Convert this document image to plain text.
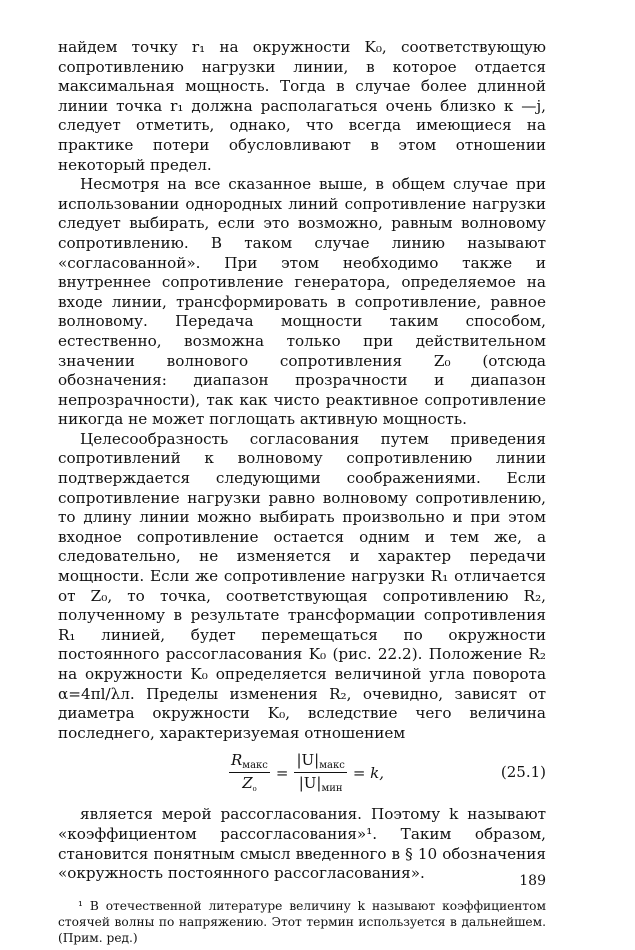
найдем точку r₁ на окружности K₀, соответствующую сопротивлению нагрузки линии, в которое отдается максимальная мощность. Тогда в случае более длинной линии точка r₁ должна располагаться очень близко к —j, следует отметить, однако, что всегда имеющиеся на практике потери обусловливают в этом отношении некоторый предел.

Несмотря на все сказанное выше, в общем случае при использовании однородных линий сопротивление нагрузки следует выбирать, если это возможно, равным волновому сопротивлению. В таком случае линию называют «согласованной». При этом необходимо также и внутреннее сопротивление генератора, определяемое на входе линии, трансформировать в сопротивление, равное волновому. Передача мощности таким способом, естественно, возможна только при действительном значении волнового сопротивления Z₀ (отсюда обозначения: диапазон прозрачности и диапазон непрозрачности), так как чисто реактивное сопротивление никогда не может поглощать активную мощность.

Целесообразность согласования путем приведения сопротивлений к волновому сопротивлению линии подтверждается следующими соображениями. Если сопротивление нагрузки равно волновому сопротивлению, то длину линии можно выбирать произвольно и при этом входное сопротивление остается одним и тем же, а следовательно, не изменяется и характер передачи мощности. Если же сопротивление нагрузки R₁ отличается от Z₀, то точка, соответствующая сопротивлению R₂, полученному в результате трансформации сопротивления R₁ линией, будет перемещаться по окружности постоянного рассогласования K₀ (рис. 22.2). Положение R₂ на окружности K₀ определяется величиной угла поворота α=4πl/λл. Пределы изменения R₂, очевидно, зависят от диаметра окружности K₀, вследствие чего величина последнего, характеризуемая отношением

$\frac{R_{макс}}{Z_{_0}} = \frac{|U|_{макс}}{|U|_{мин}} = k$,	(25.1)

является мерой рассогласования. Поэтому k называют «коэффициентом рассогласования»¹. Таким образом, становится понятным смысл введенного в § 10 обозначения «окружность постоянного рассогласования».

¹ В отечественной литературе величину k называют коэффициентом стоячей волны по напряжению. Этот термин используется в дальнейшем. (Прим. ред.)

189
